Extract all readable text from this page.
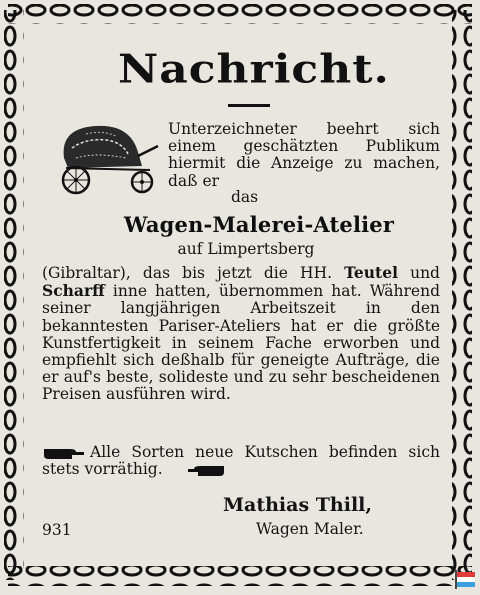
Nachricht.
Unterzeichneter beehrt sich einem geschätzten Publikum hiermit die Anzeige zu machen, daß er
das
Wagen-Malerei-Atelier
auf Limpertsberg
(Gibraltar), das bis jetzt die HH. Teutel und Scharff inne hatten, übernommen hat. Während seiner langjährigen Arbeitszeit in den bekanntesten Pariser-Ateliers hat er die größte Kunstfertigkeit in seinem Fache erworben und empfiehlt sich deßhalb für geneigte Aufträge, die er auf's beste, solideste und zu sehr bescheidenen Preisen ausführen wird.
Alle Sorten neue Kutschen befinden sich stets vorräthig.
931
Mathias Thill,
Wagen Maler.
